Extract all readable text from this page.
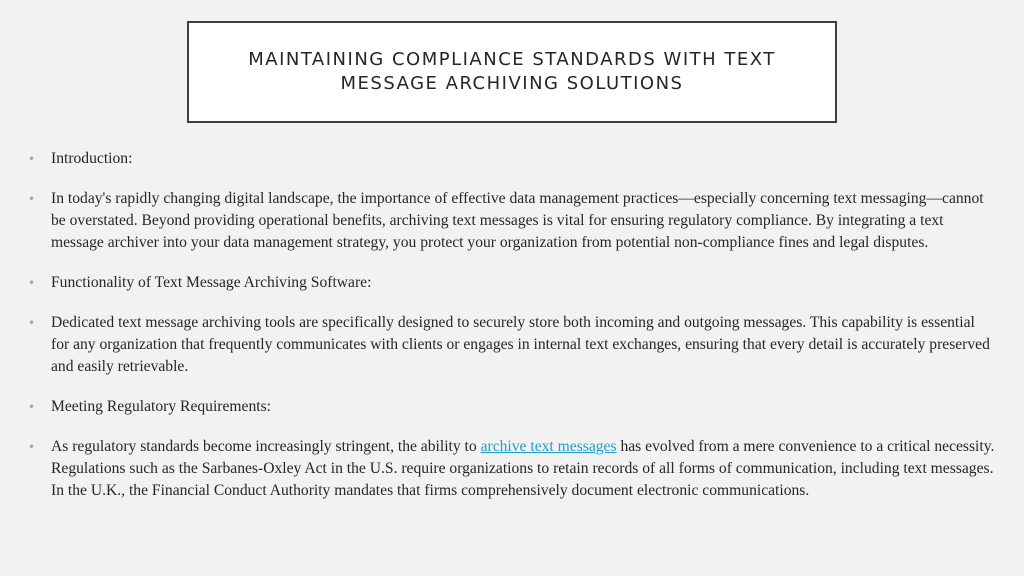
MAINTAINING COMPLIANCE STANDARDS WITH TEXT MESSAGE ARCHIVING SOLUTIONS
• Introduction:
• In today's rapidly changing digital landscape, the importance of effective data management practices—especially concerning text messaging—cannot be overstated. Beyond providing operational benefits, archiving text messages is vital for ensuring regulatory compliance. By integrating a text message archiver into your data management strategy, you protect your organization from potential non-compliance fines and legal disputes.
• Functionality of Text Message Archiving Software:
• Dedicated text message archiving tools are specifically designed to securely store both incoming and outgoing messages. This capability is essential for any organization that frequently communicates with clients or engages in internal text exchanges, ensuring that every detail is accurately preserved and easily retrievable.
• Meeting Regulatory Requirements:
• As regulatory standards become increasingly stringent, the ability to archive text messages has evolved from a mere convenience to a critical necessity. Regulations such as the Sarbanes-Oxley Act in the U.S. require organizations to retain records of all forms of communication, including text messages. In the U.K., the Financial Conduct Authority mandates that firms comprehensively document electronic communications.
